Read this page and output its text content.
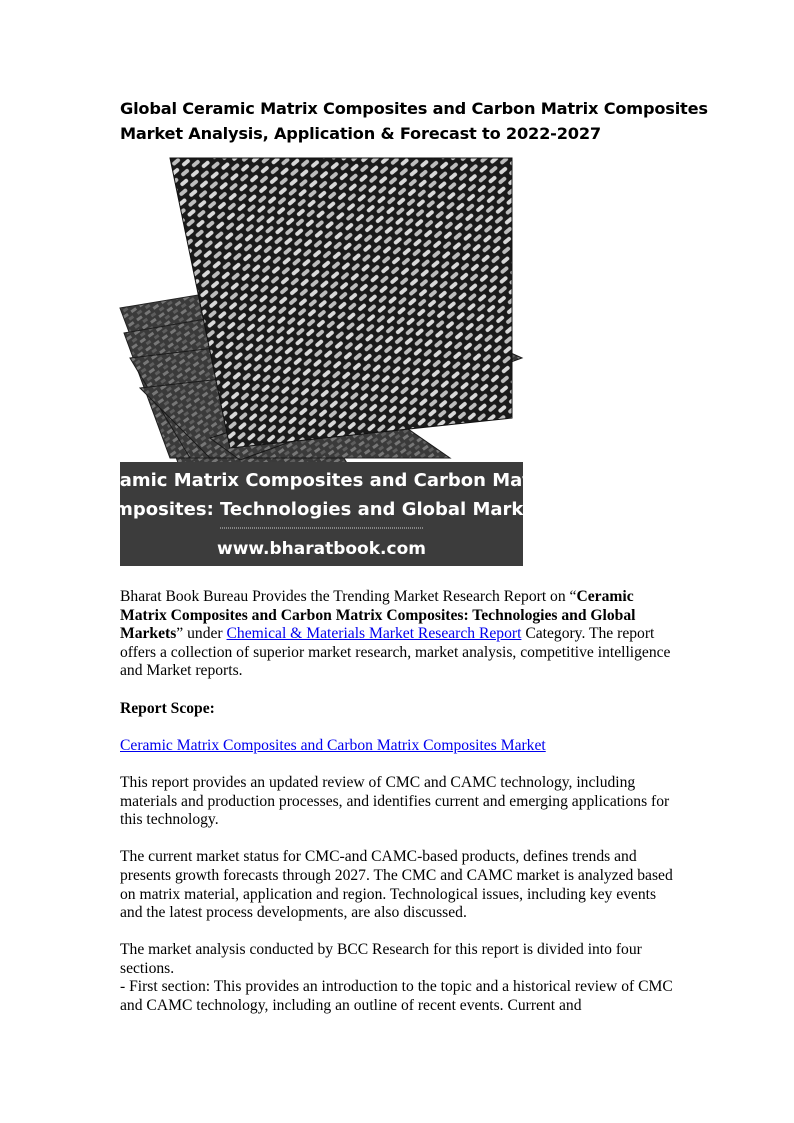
Global Ceramic Matrix Composites and Carbon Matrix Composites
Market Analysis, Application & Forecast to 2022-2027
Ceramic Matrix Composites and Carbon Matrix
Composites: Technologies and Global Markets
www.bharatbook.com

Bharat Book Bureau Provides the Trending Market Research Report on “Ceramic Matrix Composites and Carbon Matrix Composites: Technologies and Global Markets” under Chemical & Materials Market Research Report Category. The report offers a collection of superior market research, market analysis, competitive intelligence and Market reports.

Report Scope:

Ceramic Matrix Composites and Carbon Matrix Composites Market

This report provides an updated review of CMC and CAMC technology, including materials and production processes, and identifies current and emerging applications for this technology.

The current market status for CMC-and CAMC-based products, defines trends and presents growth forecasts through 2027. The CMC and CAMC market is analyzed based on matrix material, application and region. Technological issues, including key events and the latest process developments, are also discussed.

The market analysis conducted by BCC Research for this report is divided into four sections.

- First section: This provides an introduction to the topic and a historical review of CMC and CAMC technology, including an outline of recent events. Current and
